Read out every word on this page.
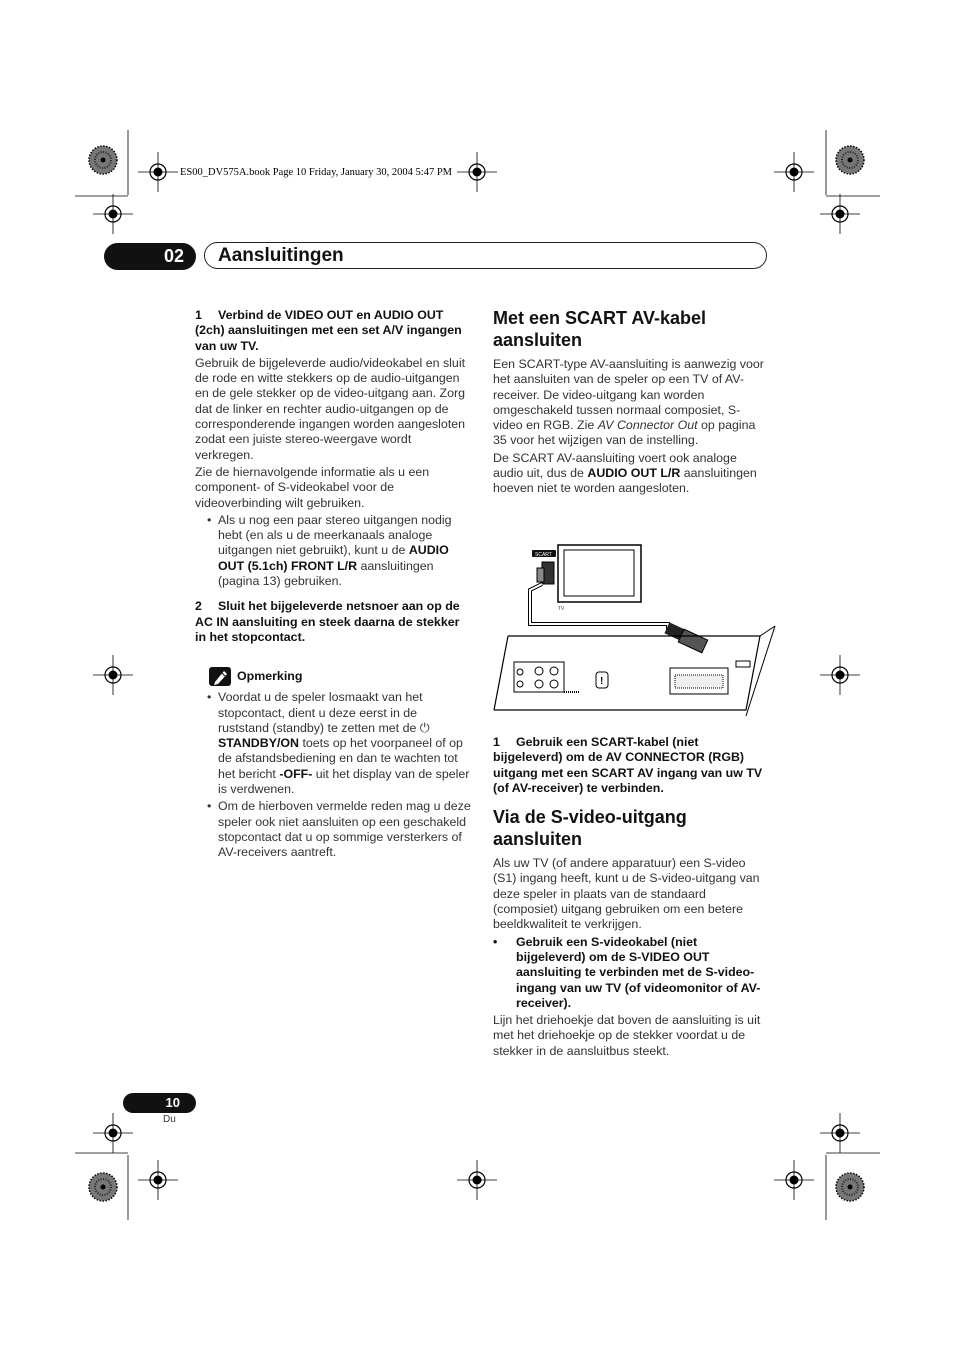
ES00_DV575A.book Page 10 Friday, January 30, 2004 5:47 PM
02	Aansluitingen
1 Verbind de VIDEO OUT en AUDIO OUT (2ch) aansluitingen met een set A/V ingangen van uw TV.

Gebruik de bijgeleverde audio/videokabel en sluit de rode en witte stekkers op de audio-uitgangen en de gele stekker op de video-uitgang aan. Zorg dat de linker en rechter audio-uitgangen op de corresponderende ingangen worden aangesloten zodat een juiste stereo-weergave wordt verkregen.

Zie de hiernavolgende informatie als u een component- of S-videokabel voor de videoverbinding wilt gebruiken.

• Als u nog een paar stereo uitgangen nodig hebt (en als u de meerkanaals analoge uitgangen niet gebruikt), kunt u de AUDIO OUT (5.1ch) FRONT L/R aansluitingen (pagina 13) gebruiken.
2 Sluit het bijgeleverde netsnoer aan op de AC IN aansluiting en steek daarna de stekker in het stopcontact.
Opmerking
• Voordat u de speler losmaakt van het stopcontact, dient u deze eerst in de ruststand (standby) te zetten met de ⏻ STANDBY/ON toets op het voorpaneel of op de afstandsbediening en dan te wachten tot het bericht -OFF- uit het display van de speler is verdwenen.
• Om de hierboven vermelde reden mag u deze speler ook niet aansluiten op een geschakeld stopcontact dat u op sommige versterkers of AV-receivers aantreft.
Met een SCART AV-kabel aansluiten

Een SCART-type AV-aansluiting is aanwezig voor het aansluiten van de speler op een TV of AV-receiver. De video-uitgang kan worden omgeschakeld tussen normaal composiet, S-video en RGB. Zie AV Connector Out op pagina 35 voor het wijzigen van de instelling.

De SCART AV-aansluiting voert ook analoge audio uit, dus de AUDIO OUT L/R aansluitingen hoeven niet te worden aangesloten.

TV
SCART
!
1 Gebruik een SCART-kabel (niet bijgeleverd) om de AV CONNECTOR (RGB) uitgang met een SCART AV ingang van uw TV (of AV-receiver) te verbinden.
Via de S-video-uitgang aansluiten

Als uw TV (of andere apparatuur) een S-video (S1) ingang heeft, kunt u de S-video-uitgang van deze speler in plaats van de standaard (composiet) uitgang gebruiken om een betere beeldkwaliteit te verkrijgen.

• Gebruik een S-videokabel (niet bijgeleverd) om de S-VIDEO OUT aansluiting te verbinden met de S-video-ingang van uw TV (of videomonitor of AV-receiver).

Lijn het driehoekje dat boven de aansluiting is uit met het driehoekje op de stekker voordat u de stekker in de aansluitbus steekt.

10
Du
